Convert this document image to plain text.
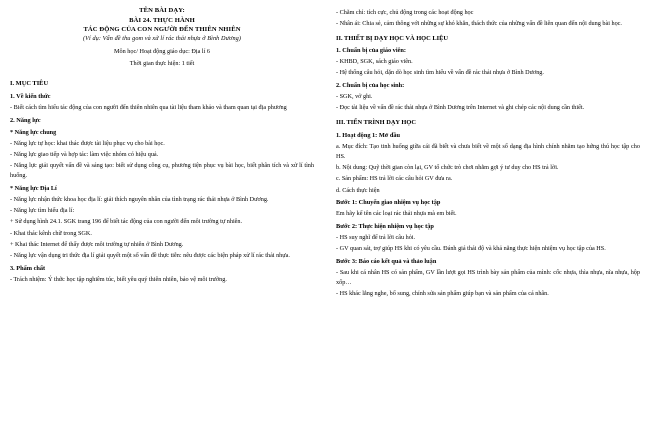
TÊN BÀI DẠY:

BÀI 24. THỰC HÀNH

TÁC ĐỘNG CỦA CON NGƯỜI ĐẾN THIÊN NHIÊN

(Ví dụ: Vấn đề thu gom và xử lí rác thải nhựa ở Bình Dương)

Môn học/ Hoạt động giáo dục: Địa lí 6

Thời gian thực hiện: 1 tiết

I. MỤC TIÊU

1. Về kiến thức

- Biết cách tìm hiểu tác động của con người đến thiên nhiên qua tài liệu tham khảo và tham quan tại địa phương

2. Năng lực

* Năng lực chung

- Năng lực tự học: khai thác được tài liệu phục vụ cho bài học.

- Năng lực giao tiếp và hợp tác: làm việc nhóm có hiệu quả.

- Năng lực giải quyết vấn đề và sáng tạo: biết sử dụng công cụ, phương tiện phục vụ bài học, biết phân tích và xử lí tình huống.

* Năng lực Địa Lí

- Năng lực nhận thức khoa học địa lí: giải thích nguyên nhân của tình trạng rác thải nhựa ở Bình Dương.

- Năng lực tìm hiểu địa lí:

+ Sử dụng hình 24.1. SGK trang 196 để biết tác động của con người đến môi trường tự nhiên.

- Khai thác kênh chữ trong SGK.

+ Khai thác Internet để thấy được môi trường tự nhiên ở Bình Dương.

- Năng lực vận dụng tri thức địa lí giải quyết một số vấn đề thực tiễn: nêu được các biện pháp xử lí rác thải nhựa.

3. Phẩm chất

- Trách nhiệm: Ý thức học tập nghiêm túc, biết yêu quý thiên nhiên, bảo vệ môi trường.

- Chăm chỉ: tích cực, chủ động trong các hoạt động học

- Nhân ái: Chia sẻ, cảm thông với những sự khó khăn, thách thức của những vấn đề liên quan đến nội dung bài học.

II. THIẾT BỊ DẠY HỌC VÀ HỌC LIỆU

1. Chuẩn bị của giáo viên:

- KHBD, SGK, sách giáo viên.

- Hệ thống câu hỏi, dặn dò học sinh tìm hiểu về vấn đề rác thải nhựa ở Bình Dương.

2. Chuẩn bị của học sinh:

- SGK, vở ghi.

- Đọc tài liệu về vấn đề rác thải nhựa ở Bình Dương trên Internet và ghi chép các nội dung cần thiết.

III. TIẾN TRÌNH DẠY HỌC

1. Hoạt động 1: Mở đầu

a. Mục đích: Tạo tinh huống giữa cái đã biết và chưa biết về một số dạng địa hình chính nhằm tạo hứng thú học tập cho HS.

b. Nội dung: Quỹ thời gian còn lại, GV tổ chức trò chơi nhằm gợi ý tư duy cho HS trả lời.

c. Sản phẩm: HS trả lời các câu hỏi GV đưa ra.

d. Cách thực hiện

Bước 1: Chuyển giao nhiệm vụ học tập

Em hãy kể tên các loại rác thải nhựa mà em biết.

Bước 2: Thực hiện nhiệm vụ học tập

- HS suy nghĩ để trả lời câu hỏi.

- GV quan sát, trợ giúp HS khi có yêu cầu. Đánh giá thái độ và khả năng thực hiện nhiệm vụ học tập của HS.

Bước 3: Báo cáo kết quả và thảo luận

- Sau khi cá nhân HS có sản phẩm, GV lần lượt gọi HS trình bày sản phẩm của mình: cốc nhựa, thìa nhựa, nĩa nhựa, hộp xốp…

- HS khác lắng nghe, bổ sung, chỉnh sửa sản phẩm giúp bạn và sản phẩm của cá nhân.
